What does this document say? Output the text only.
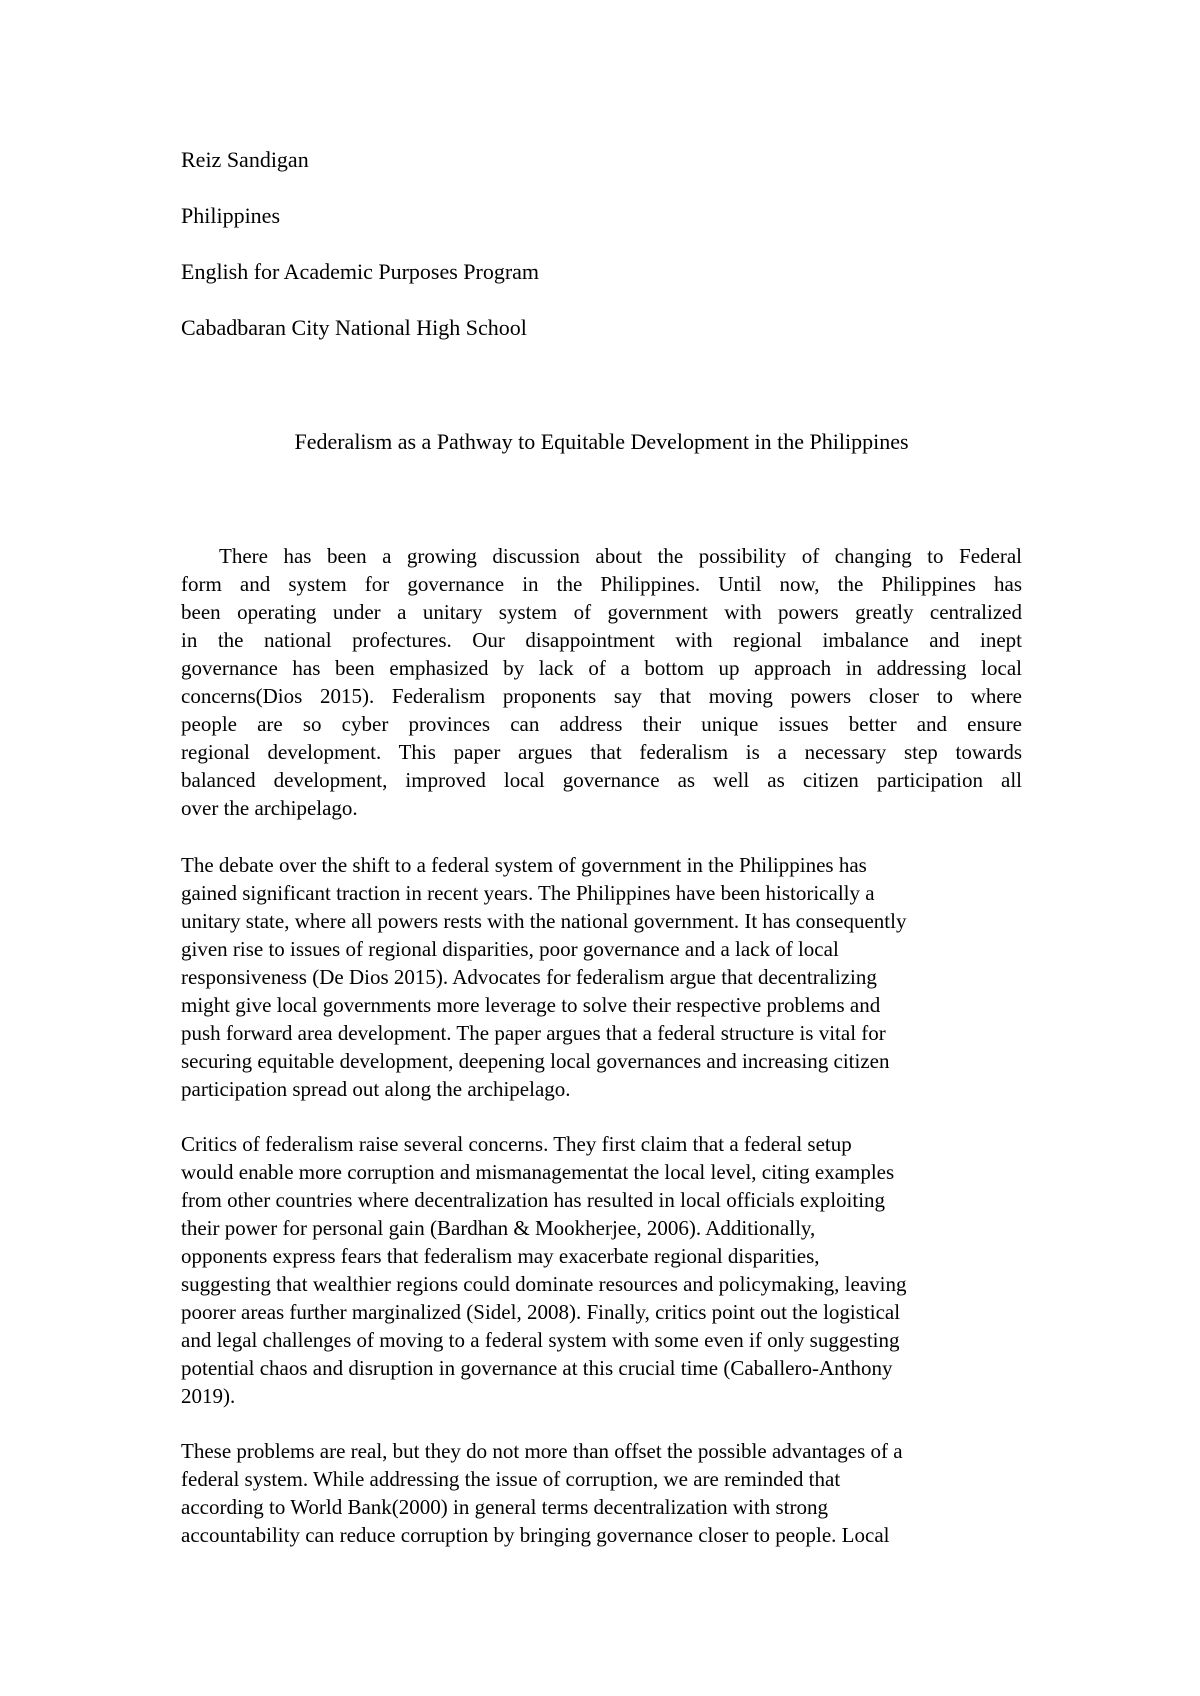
Reiz Sandigan
Philippines
English for Academic Purposes Program
Cabadbaran City National High School
Federalism as a Pathway to Equitable Development in the Philippines

There has been a growing discussion about the possibility of changing to Federal
form and system for governance in the Philippines. Until now, the Philippines has
been operating under a unitary system of government with powers greatly centralized
in the national profectures. Our disappointment with regional imbalance and inept
governance has been emphasized by lack of a bottom up approach in addressing local
concerns(Dios 2015). Federalism proponents say that moving powers closer to where
people are so cyber provinces can address their unique issues better and ensure
regional development. This paper argues that federalism is a necessary step towards
balanced development, improved local governance as well as citizen participation all
over the archipelago.

The debate over the shift to a federal system of government in the Philippines has
gained significant traction in recent years. The Philippines have been historically a
unitary state, where all powers rests with the national government. It has consequently
given rise to issues of regional disparities, poor governance and a lack of local
responsiveness (De Dios 2015). Advocates for federalism argue that decentralizing
might give local governments more leverage to solve their respective problems and
push forward area development. The paper argues that a federal structure is vital for
securing equitable development, deepening local governances and increasing citizen
participation spread out along the archipelago.

Critics of federalism raise several concerns. They first claim that a federal setup
would enable more corruption and mismanagementat the local level, citing examples
from other countries where decentralization has resulted in local officials exploiting
their power for personal gain (Bardhan & Mookherjee, 2006). Additionally,
opponents express fears that federalism may exacerbate regional disparities,
suggesting that wealthier regions could dominate resources and policymaking, leaving
poorer areas further marginalized (Sidel, 2008). Finally, critics point out the logistical
and legal challenges of moving to a federal system with some even if only suggesting
potential chaos and disruption in governance at this crucial time (Caballero-Anthony
2019).

These problems are real, but they do not more than offset the possible advantages of a
federal system. While addressing the issue of corruption, we are reminded that
according to World Bank(2000) in general terms decentralization with strong
accountability can reduce corruption by bringing governance closer to people. Local
